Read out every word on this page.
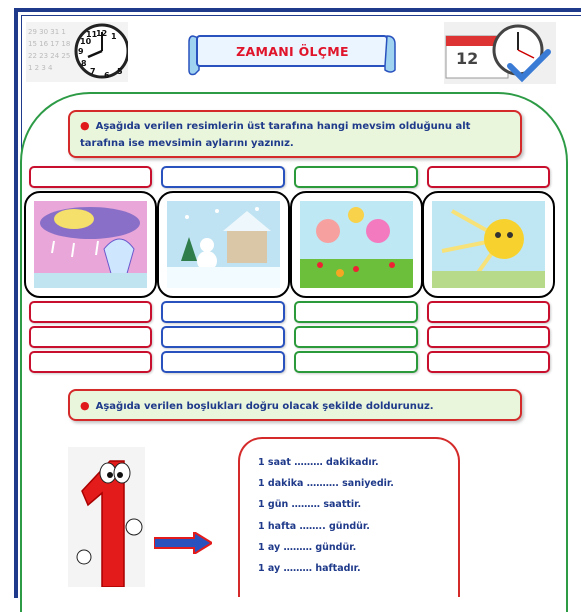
29 30 31 1
15 16 17 18
22 23 24 25
1 2 3 4
12 1
10
11
9
8
7 6 5
ZAMANI ÖLÇME	12
● Aşağıda verilen resimlerin üst tarafına hangi mevsim olduğunu alt tarafına ise mevsimin aylarını yazınız.
● Aşağıda verilen boşlukları doğru olacak şekilde doldurunuz.
1 saat ……… dakikadır.
1 dakika ………. saniyedir.
1 gün ……… saattir.
1 hafta …….. gündür.
1 ay ……… gündür.
1 ay ……… haftadır.
